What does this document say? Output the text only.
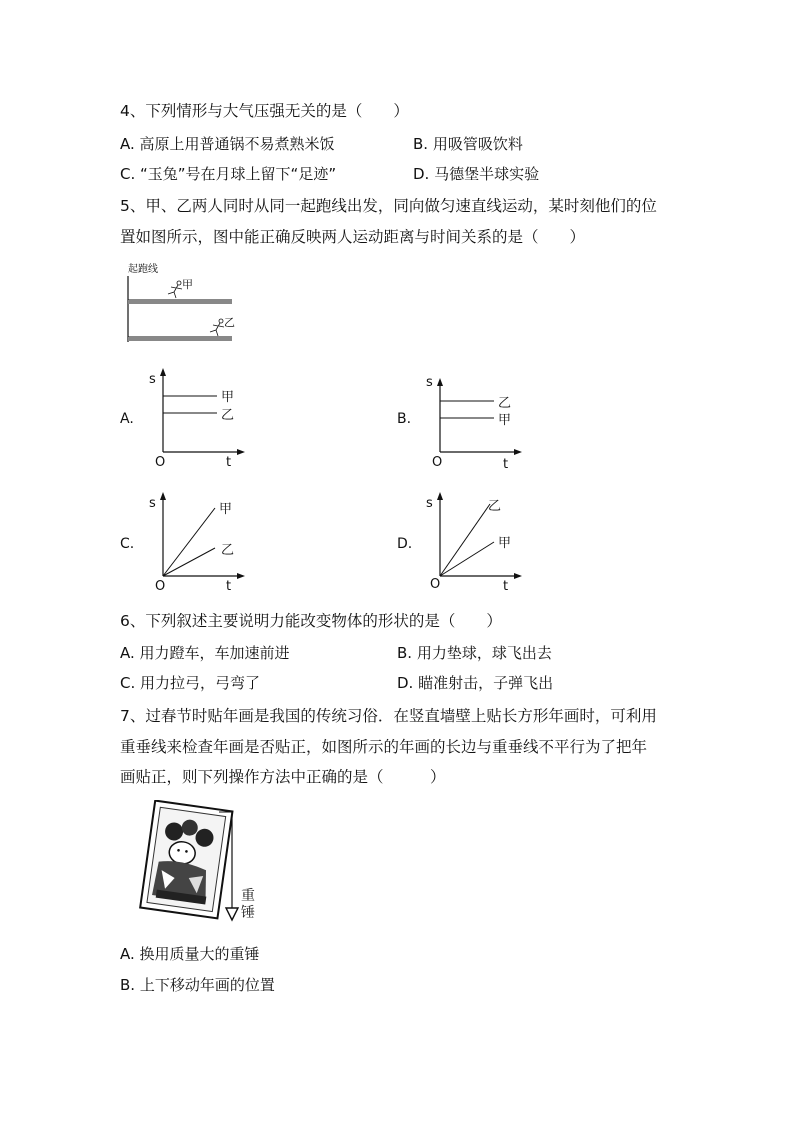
4、下列情形与大气压强无关的是（　　）
A. 高原上用普通锅不易煮熟米饭	B. 用吸管吸饮料
C. “玉兔”号在月球上留下“足迹”	D. 马德堡半球实验
5、甲、乙两人同时从同一起跑线出发，同向做匀速直线运动，某时刻他们的位
置如图所示，图中能正确反映两人运动距离与时间关系的是（　　）
起跑线
甲
乙
A.
甲
乙
s
t
O
B.
乙
甲
s
t
O
C.
甲
乙
s
t
O
D.
乙
甲
s
t
O
6、下列叙述主要说明力能改变物体的形状的是（　　）
A. 用力蹬车，车加速前进	B. 用力垫球，球飞出去
C. 用力拉弓，弓弯了	D. 瞄准射击，子弹飞出
7、过春节时贴年画是我国的传统习俗．在竖直墙壁上贴长方形年画时，可利用
重垂线来检查年画是否贴正，如图所示的年画的长边与重垂线不平行为了把年
画贴正，则下列操作方法中正确的是（　　　）
重
锤
A. 换用质量大的重锤
B. 上下移动年画的位置
